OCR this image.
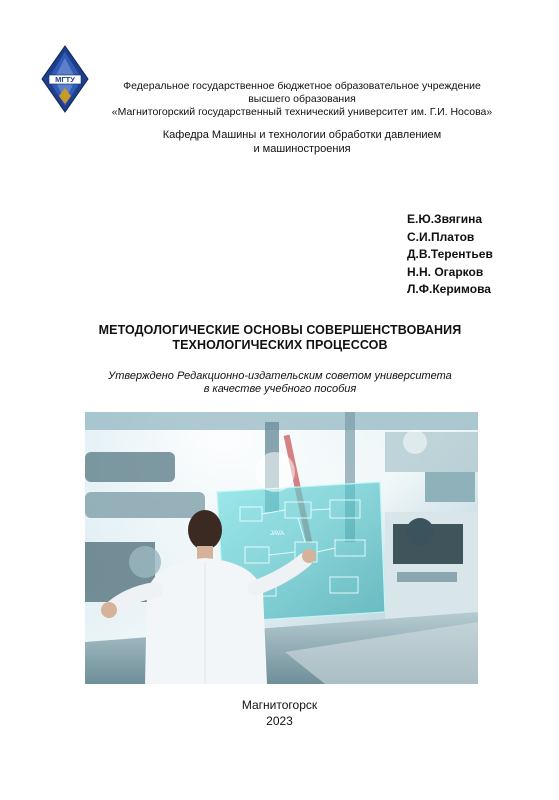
МГТУ
Федеральное государственное бюджетное образовательное учреждение
высшего образования
«Магнитогорский государственный технический университет им. Г.И. Носова»
Кафедра Машины и технологии обработки давлением
и машиностроения
Е.Ю.Звягина
С.И.Платов
Д.В.Терентьев
Н.Н. Огарков
Л.Ф.Керимова
МЕТОДОЛОГИЧЕСКИЕ ОСНОВЫ СОВЕРШЕНСТВОВАНИЯ
ТЕХНОЛОГИЧЕСКИХ ПРОЦЕССОВ
Утверждено Редакционно-издательским советом университета
в качестве учебного пособия
JAVA
Магнитогорск
2023
